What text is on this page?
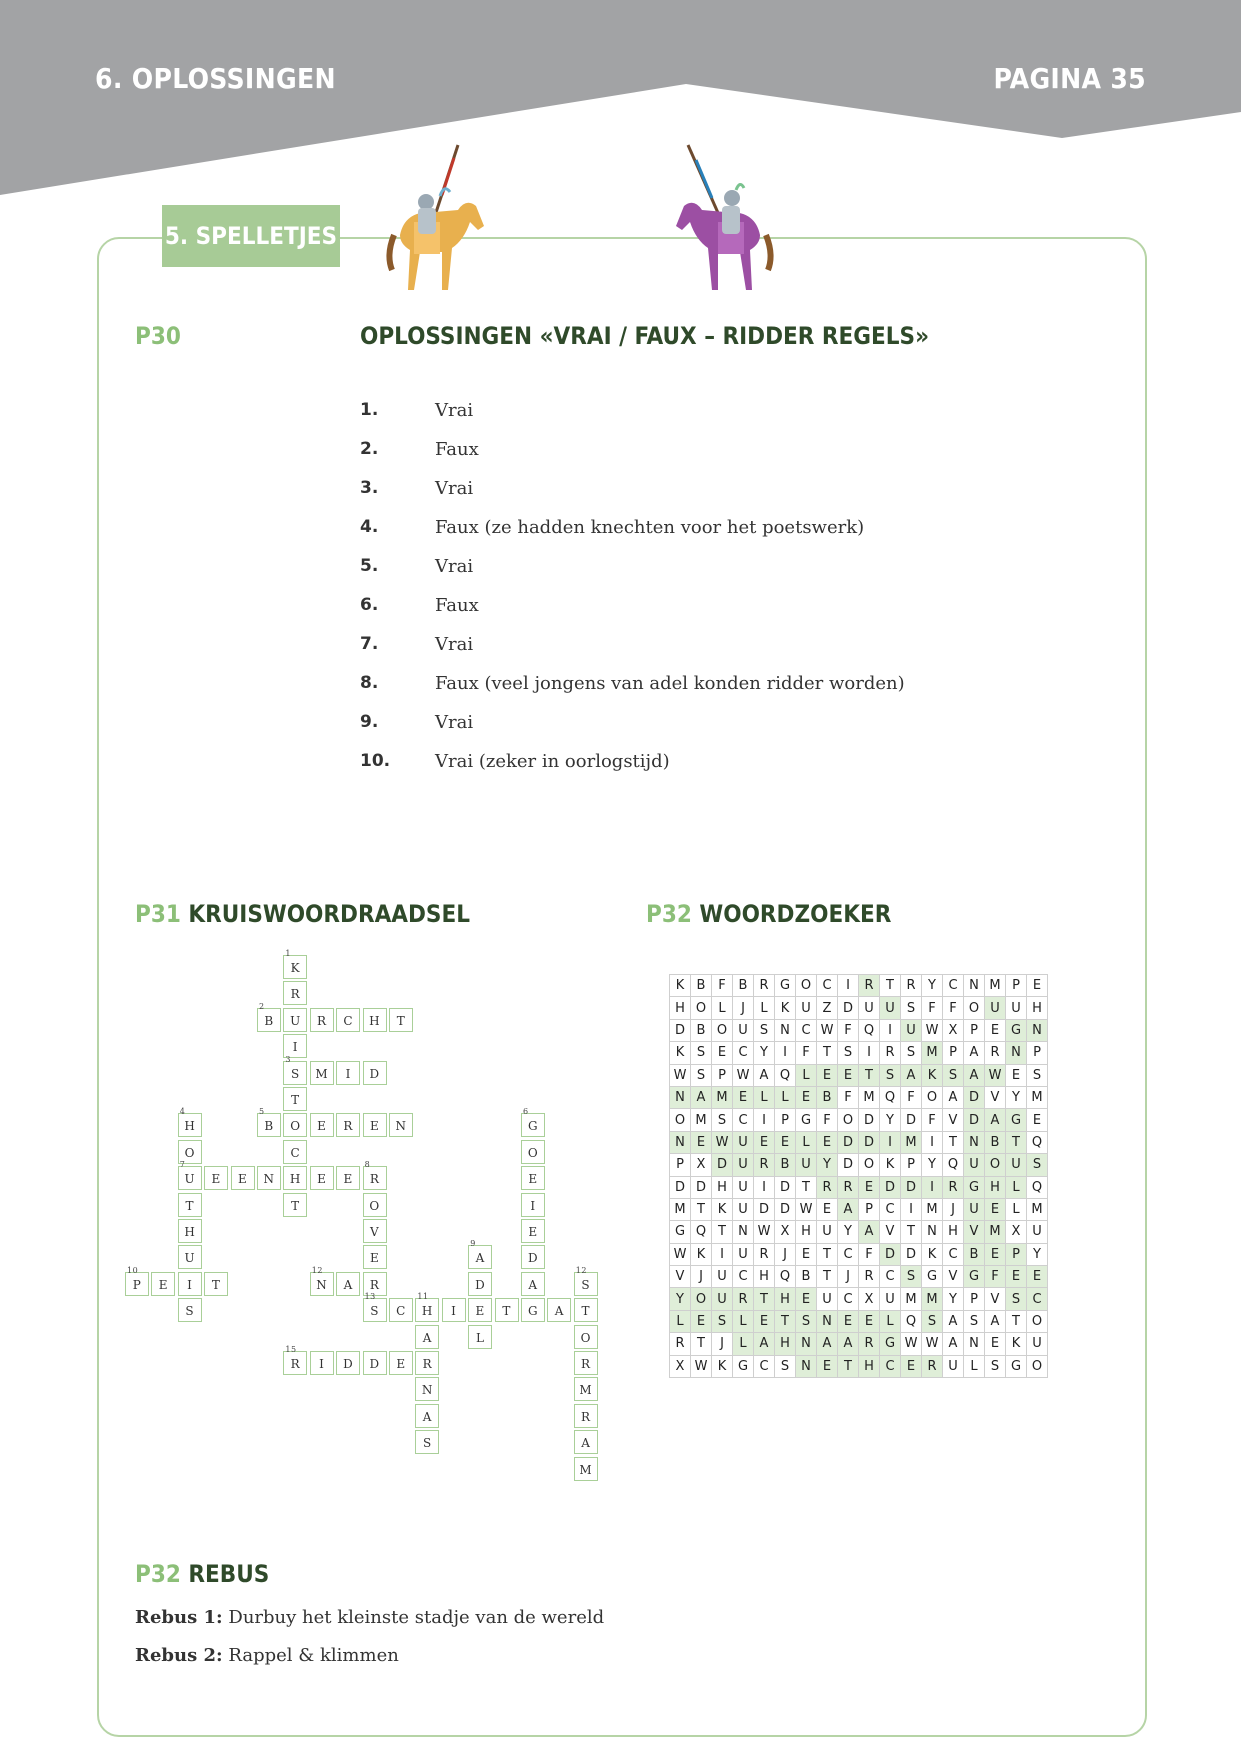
6. OPLOSSINGEN	PAGINA 35
5. SPELLETJES
P30	OPLOSSINGEN «VRAI / FAUX – RIDDER REGELS»
1.	Vrai
2.	Faux
3.	Vrai
4.	Faux (ze hadden knechten voor het poetswerk)
5.	Vrai
6.	Faux
7.	Vrai
8.	Faux (veel jongens van adel konden ridder worden)
9.	Vrai
10. Vrai (zeker in oorlogstijd)
P31 KRUISWOORDRAADSEL
K
1
R
U
I
S
3
T
O
C
H
T
B
2
R	C	H	T
M	I	D
H
4
O
U
7
T
H
U
I
S
B
5
E	R	E	N	G
6
O
E
I
E
D
A
G
E	E	N	E	E	R
8
O
V
E
R
A
9
D
E
L
P
10
E	T
H
11
A
R
N
A
S
N
12
A	S
12
T
O
R
M
R
A
M
S
13
C	I	T	A
R
15
I	D	D	E
P32 WOORDZOEKER
K	B	F	B	R	G	O	C	I	R	T	R	Y	C	N	M	P	E
H	O	L	J	L	K	U	Z	D	U	U	S	F	F	O	U	U	H
D	B	O	U	S	N	C	W	F	Q	I	U	W	X	P	E	G	N
K	S	E	C	Y	I	F	T	S	I	R	S	M	P	A	R	N	P
W	S	P	W	A	Q	L	E	E	T	S	A	K	S	A	W	E	S
N	A	M	E	L	L	E	B	F	M	Q	F	O	A	D	V	Y	M
O	M	S	C	I	P	G	F	O	D	Y	D	F	V	D	A	G	E
N	E	W	U	E	E	L	E	D	D	I	M	I	T	N	B	T	Q
P	X	D	U	R	B	U	Y	D	O	K	P	Y	Q	U	O	U	S
D	D	H	U	I	D	T	R	R	E	D	D	I	R	G	H	L	Q
M	T	K	U	D	D	W	E	A	P	C	I	M	J	U	E	L	M
G	Q	T	N	W	X	H	U	Y	A	V	T	N	H	V	M	X	U
W	K	I	U	R	J	E	T	C	F	D	D	K	C	B	E	P	Y
V	J	U	C	H	Q	B	T	J	R	C	S	G	V	G	F	E	E
Y	O	U	R	T	H	E	U	C	X	U	M	M	Y	P	V	S	C
L	E	S	L	E	T	S	N	E	E	L	Q	S	A	S	A	T	O
R	T	J	L	A	H	N	A	A	R	G	W	W	A	N	E	K	U
X	W	K	G	C	S	N	E	T	H	C	E	R	U	L	S	G	O
P32 REBUS
Rebus 1: Durbuy het kleinste stadje van de wereld
Rebus 2: Rappel & klimmen
